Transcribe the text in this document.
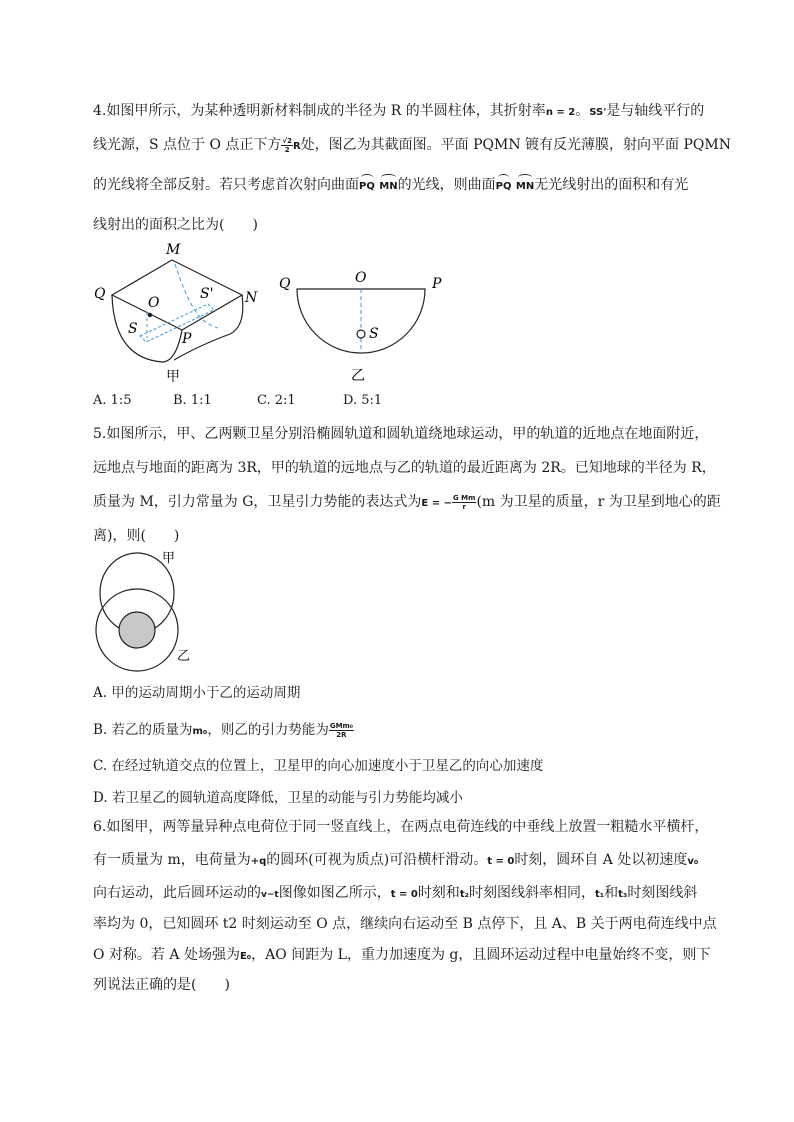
4.如图甲所示，为某种透明新材料制成的半径为 R 的半圆柱体，其折射率n = 2。SS'是与轴线平行的
线光源，S 点位于 O 点正下方 $\frac{√2}{2}$ R处，图乙为其截面图。平面 PQMN 镀有反光薄膜，射向平面 PQMN
的光线将全部反射。若只考虑首次射向曲面PQ MN的光线，则曲面PQ MN无光线射出的面积和有光
线射出的面积之比为(　　)
M
Q
O
S' N
S
P
甲
Q	O	P
S
乙
A. 1:5	B. 1:1	C. 2:1	D. 5:1
5.如图所示，甲、乙两颗卫星分别沿椭圆轨道和圆轨道绕地球运动，甲的轨道的近地点在地面附近，
远地点与地面的距离为 3R，甲的轨道的远地点与乙的轨道的最近距离为 2R。已知地球的半径为 R，
质量为 M，引力常量为 G，卫星引力势能的表达式为E = − $\frac{\text{G Mm}}{r} (m$ 为卫星的质量，r 为卫星到地心的距
离)，则(　　)
甲
乙
A. 甲的运动周期小于乙的运动周期
B. 若乙的质量为m₀，则乙的引力势能为 $\frac{\text{GMm₀}}{2R}$
C. 在经过轨道交点的位置上，卫星甲的向心加速度小于卫星乙的向心加速度
D. 若卫星乙的圆轨道高度降低，卫星的动能与引力势能均减小
6.如图甲，两等量异种点电荷位于同一竖直线上，在两点电荷连线的中垂线上放置一粗糙水平横杆，
有一质量为 m，电荷量为+q的圆环(可视为质点)可沿横杆滑动。t = 0时刻，圆环自 A 处以初速度v₀
向右运动，此后圆环运动的v−t图像如图乙所示，t = 0时刻和t₂时刻图线斜率相同，t₁和t₃时刻图线斜
率均为 0，已知圆环 t2 时刻运动至 O 点，继续向右运动至 B 点停下，且 A、B 关于两电荷连线中点
O 对称。若 A 处场强为E₀，AO 间距为 L，重力加速度为 g，且圆环运动过程中电量始终不变，则下
列说法正确的是(　　)
